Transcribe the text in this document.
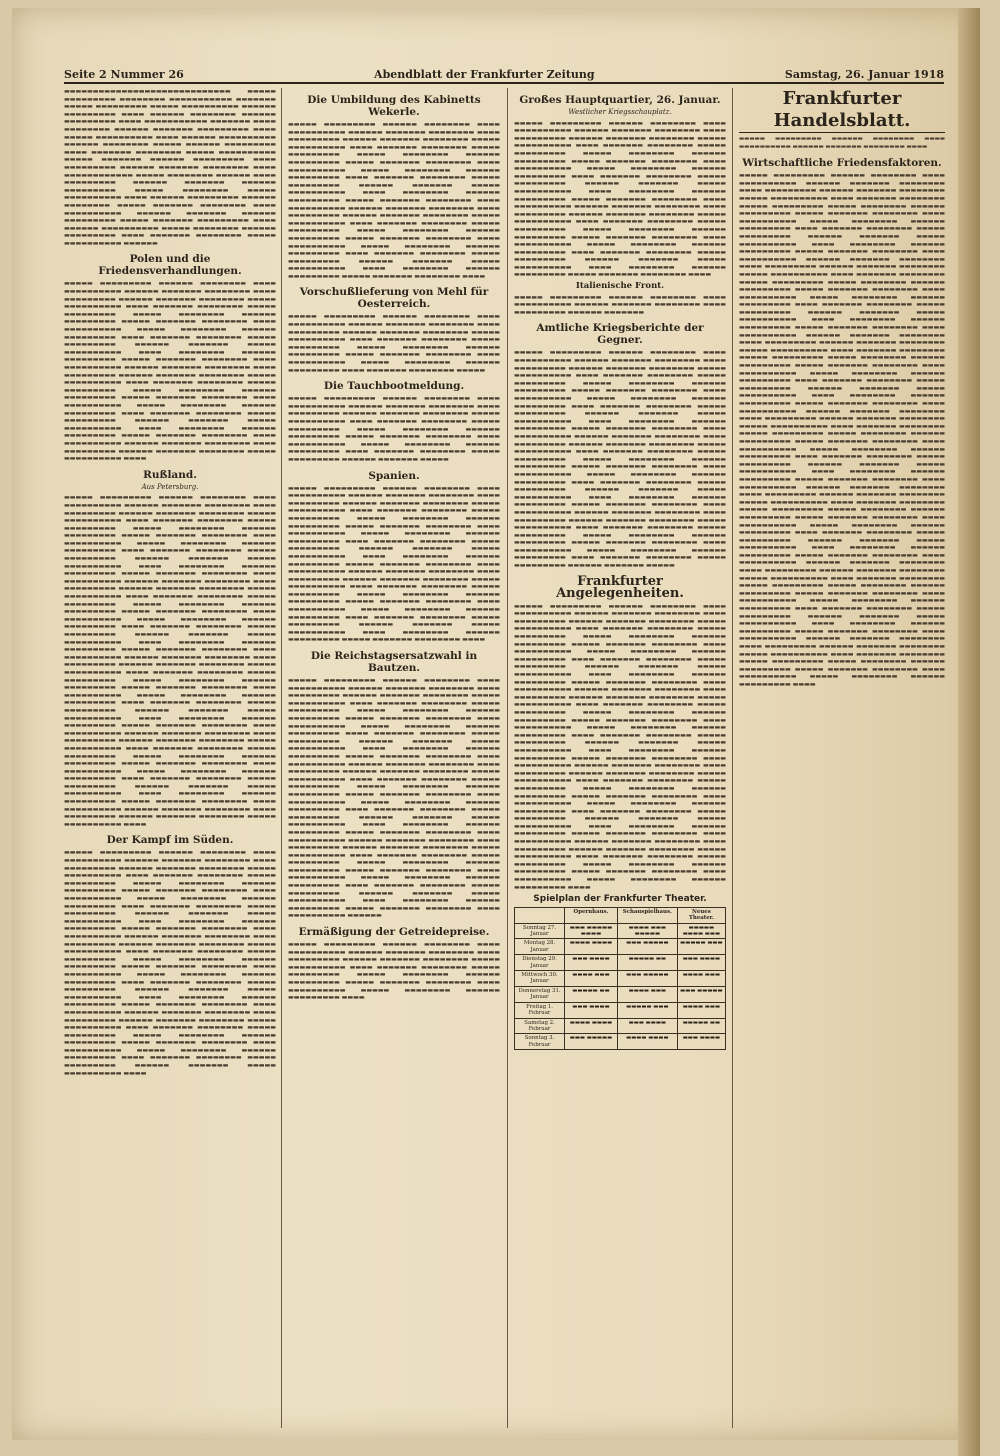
Seite 2 Nummer 26	Abendblatt der Frankfurter Zeitung	Samstag, 26. Januar 1918
▬▬▬▬▬▬▬▬▬▬▬▬▬▬▬▬▬▬▬▬▬▬▬▬▬▬▬▬▬ ▬▬▬▬▬ ▬▬▬▬▬▬▬▬▬ ▬▬▬▬▬▬▬▬ ▬▬▬▬▬▬▬▬▬▬▬ ▬▬▬▬▬▬▬ ▬▬▬▬▬ ▬▬▬▬▬▬▬▬▬ ▬▬▬▬▬ ▬▬▬▬▬▬▬▬▬▬ ▬▬▬▬▬▬ ▬▬▬▬▬▬▬▬▬ ▬▬▬▬ ▬▬▬▬▬▬ ▬▬▬▬▬▬▬▬ ▬▬▬▬▬▬ ▬▬▬▬▬▬▬▬▬ ▬▬▬▬ ▬▬▬▬▬▬▬▬▬▬▬ ▬▬▬▬▬▬▬ ▬▬▬▬ ▬▬▬▬▬▬▬▬ ▬▬▬▬▬▬ ▬▬▬▬▬▬▬ ▬▬▬▬▬▬▬▬▬ ▬▬▬▬ ▬▬▬▬▬ ▬▬▬▬▬▬▬▬▬▬ ▬▬▬▬ ▬▬▬▬▬▬ ▬▬▬▬▬▬▬▬▬▬ ▬▬▬▬▬▬ ▬▬▬▬▬▬▬▬ ▬▬▬▬▬ ▬▬▬▬▬▬ ▬▬▬▬▬▬▬▬▬ ▬▬▬▬ ▬▬▬▬▬▬▬ ▬▬▬▬▬▬▬▬ ▬▬▬▬▬ ▬▬▬▬▬▬▬▬▬▬ ▬▬▬▬▬ ▬▬▬▬▬▬▬ ▬▬▬▬▬▬ ▬▬▬▬▬▬▬▬▬ ▬▬▬▬ ▬▬▬▬▬▬▬▬▬ ▬▬▬▬▬▬ ▬▬▬▬▬▬▬ ▬▬▬▬▬▬▬▬ ▬▬▬▬ ▬▬▬▬▬▬▬▬▬▬▬▬ ▬▬▬▬▬ ▬▬▬▬▬▬▬▬ ▬▬▬▬▬▬ ▬▬▬▬ ▬▬▬▬▬▬▬▬▬ ▬▬▬▬▬▬ ▬▬▬▬▬▬▬ ▬▬▬▬▬▬ ▬▬▬▬▬▬▬▬▬ ▬▬▬▬▬ ▬▬▬▬▬▬▬▬ ▬▬▬▬▬ ▬▬▬▬▬▬▬▬▬▬ ▬▬▬▬ ▬▬▬▬▬▬ ▬▬▬▬▬▬▬▬▬ ▬▬▬▬▬▬ ▬▬▬▬▬▬▬▬ ▬▬▬▬▬ ▬▬▬▬▬▬▬ ▬▬▬▬▬▬▬▬ ▬▬▬▬ ▬▬▬▬▬▬▬▬▬▬ ▬▬▬▬▬▬ ▬▬▬▬▬▬▬ ▬▬▬▬▬▬ ▬▬▬▬▬▬▬▬▬ ▬▬▬▬▬ ▬▬▬▬▬▬▬ ▬▬▬▬▬▬▬▬▬ ▬▬▬▬ ▬▬▬▬▬▬ ▬▬▬▬▬▬▬▬▬▬ ▬▬▬▬▬ ▬▬▬▬▬▬▬▬ ▬▬▬▬▬▬ ▬▬▬▬▬▬▬▬▬ ▬▬▬▬ ▬▬▬▬▬▬▬ ▬▬▬▬▬▬▬▬ ▬▬▬▬▬ ▬▬▬▬▬▬▬▬▬▬ ▬▬▬▬▬▬
Polen und die Friedensverhandlungen.
▬▬▬▬▬ ▬▬▬▬▬▬▬▬▬ ▬▬▬▬▬▬ ▬▬▬▬▬▬▬▬ ▬▬▬▬ ▬▬▬▬▬▬▬▬▬▬ ▬▬▬▬▬▬ ▬▬▬▬▬▬▬ ▬▬▬▬▬▬▬▬ ▬▬▬▬ ▬▬▬▬▬▬▬▬▬ ▬▬▬▬▬▬ ▬▬▬▬▬▬▬ ▬▬▬▬▬▬▬▬ ▬▬▬▬▬ ▬▬▬▬▬▬▬▬▬▬ ▬▬▬▬ ▬▬▬▬▬▬▬ ▬▬▬▬▬▬▬▬ ▬▬▬▬▬ ▬▬▬▬▬▬▬▬▬ ▬▬▬▬▬ ▬▬▬▬▬▬▬▬ ▬▬▬▬▬▬ ▬▬▬▬▬▬▬▬▬ ▬▬▬▬▬ ▬▬▬▬▬▬▬ ▬▬▬▬▬▬▬▬ ▬▬▬▬ ▬▬▬▬▬▬▬▬▬▬ ▬▬▬▬▬ ▬▬▬▬▬▬▬▬ ▬▬▬▬▬▬ ▬▬▬▬▬▬▬▬▬ ▬▬▬▬ ▬▬▬▬▬▬▬ ▬▬▬▬▬▬▬▬ ▬▬▬▬▬ ▬▬▬▬▬▬▬▬▬ ▬▬▬▬▬▬ ▬▬▬▬▬▬▬ ▬▬▬▬▬ ▬▬▬▬▬▬▬▬▬▬ ▬▬▬▬ ▬▬▬▬▬▬▬▬ ▬▬▬▬▬▬ ▬▬▬▬▬▬▬▬▬ ▬▬▬▬▬ ▬▬▬▬▬▬▬ ▬▬▬▬▬▬▬▬ ▬▬▬▬ ▬▬▬▬▬▬▬▬▬▬ ▬▬▬▬▬▬ ▬▬▬▬▬▬▬ ▬▬▬▬▬▬▬▬ ▬▬▬▬ ▬▬▬▬▬▬▬▬▬ ▬▬▬▬▬▬ ▬▬▬▬▬▬▬ ▬▬▬▬▬▬▬▬ ▬▬▬▬▬ ▬▬▬▬▬▬▬▬▬▬ ▬▬▬▬ ▬▬▬▬▬▬▬ ▬▬▬▬▬▬▬▬ ▬▬▬▬▬ ▬▬▬▬▬▬▬▬▬ ▬▬▬▬▬ ▬▬▬▬▬▬▬▬ ▬▬▬▬▬▬ ▬▬▬▬▬▬▬▬▬ ▬▬▬▬▬ ▬▬▬▬▬▬▬ ▬▬▬▬▬▬▬▬ ▬▬▬▬ ▬▬▬▬▬▬▬▬▬▬ ▬▬▬▬▬ ▬▬▬▬▬▬▬▬ ▬▬▬▬▬▬ ▬▬▬▬▬▬▬▬▬ ▬▬▬▬ ▬▬▬▬▬▬▬ ▬▬▬▬▬▬▬▬ ▬▬▬▬▬ ▬▬▬▬▬▬▬▬▬ ▬▬▬▬▬▬ ▬▬▬▬▬▬▬ ▬▬▬▬▬ ▬▬▬▬▬▬▬▬▬▬ ▬▬▬▬ ▬▬▬▬▬▬▬▬ ▬▬▬▬▬▬ ▬▬▬▬▬▬▬▬▬ ▬▬▬▬▬ ▬▬▬▬▬▬▬ ▬▬▬▬▬▬▬▬ ▬▬▬▬ ▬▬▬▬▬▬▬▬▬▬ ▬▬▬▬▬▬ ▬▬▬▬▬▬▬ ▬▬▬▬▬▬▬▬ ▬▬▬▬ ▬▬▬▬▬▬▬▬▬ ▬▬▬▬▬▬ ▬▬▬▬▬▬▬ ▬▬▬▬▬▬▬▬ ▬▬▬▬▬ ▬▬▬▬▬▬▬▬▬▬ ▬▬▬▬
Rußland.
Aus Petersburg.
▬▬▬▬▬ ▬▬▬▬▬▬▬▬▬ ▬▬▬▬▬▬ ▬▬▬▬▬▬▬▬ ▬▬▬▬ ▬▬▬▬▬▬▬▬▬▬ ▬▬▬▬▬▬ ▬▬▬▬▬▬▬ ▬▬▬▬▬▬▬▬ ▬▬▬▬ ▬▬▬▬▬▬▬▬▬ ▬▬▬▬▬▬ ▬▬▬▬▬▬▬ ▬▬▬▬▬▬▬▬ ▬▬▬▬▬ ▬▬▬▬▬▬▬▬▬▬ ▬▬▬▬ ▬▬▬▬▬▬▬ ▬▬▬▬▬▬▬▬ ▬▬▬▬▬ ▬▬▬▬▬▬▬▬▬ ▬▬▬▬▬ ▬▬▬▬▬▬▬▬ ▬▬▬▬▬▬ ▬▬▬▬▬▬▬▬▬ ▬▬▬▬▬ ▬▬▬▬▬▬▬ ▬▬▬▬▬▬▬▬ ▬▬▬▬ ▬▬▬▬▬▬▬▬▬▬ ▬▬▬▬▬ ▬▬▬▬▬▬▬▬ ▬▬▬▬▬▬ ▬▬▬▬▬▬▬▬▬ ▬▬▬▬ ▬▬▬▬▬▬▬ ▬▬▬▬▬▬▬▬ ▬▬▬▬▬ ▬▬▬▬▬▬▬▬▬ ▬▬▬▬▬▬ ▬▬▬▬▬▬▬ ▬▬▬▬▬ ▬▬▬▬▬▬▬▬▬▬ ▬▬▬▬ ▬▬▬▬▬▬▬▬ ▬▬▬▬▬▬ ▬▬▬▬▬▬▬▬▬ ▬▬▬▬▬ ▬▬▬▬▬▬▬ ▬▬▬▬▬▬▬▬ ▬▬▬▬ ▬▬▬▬▬▬▬▬▬▬ ▬▬▬▬▬▬ ▬▬▬▬▬▬▬ ▬▬▬▬▬▬▬▬ ▬▬▬▬ ▬▬▬▬▬▬▬▬▬ ▬▬▬▬▬▬ ▬▬▬▬▬▬▬ ▬▬▬▬▬▬▬▬ ▬▬▬▬▬ ▬▬▬▬▬▬▬▬▬▬ ▬▬▬▬ ▬▬▬▬▬▬▬ ▬▬▬▬▬▬▬▬ ▬▬▬▬▬ ▬▬▬▬▬▬▬▬▬ ▬▬▬▬▬ ▬▬▬▬▬▬▬▬ ▬▬▬▬▬▬ ▬▬▬▬▬▬▬▬▬ ▬▬▬▬▬ ▬▬▬▬▬▬▬ ▬▬▬▬▬▬▬▬ ▬▬▬▬ ▬▬▬▬▬▬▬▬▬▬ ▬▬▬▬▬ ▬▬▬▬▬▬▬▬ ▬▬▬▬▬▬ ▬▬▬▬▬▬▬▬▬ ▬▬▬▬ ▬▬▬▬▬▬▬ ▬▬▬▬▬▬▬▬ ▬▬▬▬▬ ▬▬▬▬▬▬▬▬▬ ▬▬▬▬▬▬ ▬▬▬▬▬▬▬ ▬▬▬▬▬ ▬▬▬▬▬▬▬▬▬▬ ▬▬▬▬ ▬▬▬▬▬▬▬▬ ▬▬▬▬▬▬ ▬▬▬▬▬▬▬▬▬ ▬▬▬▬▬ ▬▬▬▬▬▬▬ ▬▬▬▬▬▬▬▬ ▬▬▬▬ ▬▬▬▬▬▬▬▬▬▬ ▬▬▬▬▬▬ ▬▬▬▬▬▬▬ ▬▬▬▬▬▬▬▬ ▬▬▬▬ ▬▬▬▬▬▬▬▬▬ ▬▬▬▬▬▬ ▬▬▬▬▬▬▬ ▬▬▬▬▬▬▬▬ ▬▬▬▬▬ ▬▬▬▬▬▬▬▬▬▬ ▬▬▬▬ ▬▬▬▬▬▬▬ ▬▬▬▬▬▬▬▬ ▬▬▬▬▬ ▬▬▬▬▬▬▬▬▬ ▬▬▬▬▬ ▬▬▬▬▬▬▬▬ ▬▬▬▬▬▬ ▬▬▬▬▬▬▬▬▬ ▬▬▬▬▬ ▬▬▬▬▬▬▬ ▬▬▬▬▬▬▬▬ ▬▬▬▬ ▬▬▬▬▬▬▬▬▬▬ ▬▬▬▬▬ ▬▬▬▬▬▬▬▬ ▬▬▬▬▬▬ ▬▬▬▬▬▬▬▬▬ ▬▬▬▬ ▬▬▬▬▬▬▬ ▬▬▬▬▬▬▬▬ ▬▬▬▬▬ ▬▬▬▬▬▬▬▬▬ ▬▬▬▬▬▬ ▬▬▬▬▬▬▬ ▬▬▬▬▬ ▬▬▬▬▬▬▬▬▬▬ ▬▬▬▬ ▬▬▬▬▬▬▬▬ ▬▬▬▬▬▬ ▬▬▬▬▬▬▬▬▬ ▬▬▬▬▬ ▬▬▬▬▬▬▬ ▬▬▬▬▬▬▬▬ ▬▬▬▬ ▬▬▬▬▬▬▬▬▬▬ ▬▬▬▬▬▬ ▬▬▬▬▬▬▬ ▬▬▬▬▬▬▬▬ ▬▬▬▬ ▬▬▬▬▬▬▬▬▬ ▬▬▬▬▬▬ ▬▬▬▬▬▬▬ ▬▬▬▬▬▬▬▬ ▬▬▬▬▬ ▬▬▬▬▬▬▬▬▬▬ ▬▬▬▬ ▬▬▬▬▬▬▬ ▬▬▬▬▬▬▬▬ ▬▬▬▬▬ ▬▬▬▬▬▬▬▬▬ ▬▬▬▬▬ ▬▬▬▬▬▬▬▬ ▬▬▬▬▬▬ ▬▬▬▬▬▬▬▬▬ ▬▬▬▬▬ ▬▬▬▬▬▬▬ ▬▬▬▬▬▬▬▬ ▬▬▬▬ ▬▬▬▬▬▬▬▬▬▬ ▬▬▬▬▬ ▬▬▬▬▬▬▬▬ ▬▬▬▬▬▬ ▬▬▬▬▬▬▬▬▬ ▬▬▬▬ ▬▬▬▬▬▬▬ ▬▬▬▬▬▬▬▬ ▬▬▬▬▬ ▬▬▬▬▬▬▬▬▬ ▬▬▬▬▬▬ ▬▬▬▬▬▬▬ ▬▬▬▬▬ ▬▬▬▬▬▬▬▬▬▬ ▬▬▬▬ ▬▬▬▬▬▬▬▬ ▬▬▬▬▬▬ ▬▬▬▬▬▬▬▬▬ ▬▬▬▬▬ ▬▬▬▬▬▬▬ ▬▬▬▬▬▬▬▬ ▬▬▬▬ ▬▬▬▬▬▬▬▬▬▬ ▬▬▬▬▬▬ ▬▬▬▬▬▬▬ ▬▬▬▬▬▬▬▬ ▬▬▬▬ ▬▬▬▬▬▬▬▬▬ ▬▬▬▬▬▬ ▬▬▬▬▬▬▬ ▬▬▬▬▬▬▬▬ ▬▬▬▬▬ ▬▬▬▬▬▬▬▬▬▬ ▬▬▬▬
Der Kampf im Süden.
▬▬▬▬▬ ▬▬▬▬▬▬▬▬▬ ▬▬▬▬▬▬ ▬▬▬▬▬▬▬▬ ▬▬▬▬ ▬▬▬▬▬▬▬▬▬▬ ▬▬▬▬▬▬ ▬▬▬▬▬▬▬ ▬▬▬▬▬▬▬▬ ▬▬▬▬ ▬▬▬▬▬▬▬▬▬ ▬▬▬▬▬▬ ▬▬▬▬▬▬▬ ▬▬▬▬▬▬▬▬ ▬▬▬▬▬ ▬▬▬▬▬▬▬▬▬▬ ▬▬▬▬ ▬▬▬▬▬▬▬ ▬▬▬▬▬▬▬▬ ▬▬▬▬▬ ▬▬▬▬▬▬▬▬▬ ▬▬▬▬▬ ▬▬▬▬▬▬▬▬ ▬▬▬▬▬▬ ▬▬▬▬▬▬▬▬▬ ▬▬▬▬▬ ▬▬▬▬▬▬▬ ▬▬▬▬▬▬▬▬ ▬▬▬▬ ▬▬▬▬▬▬▬▬▬▬ ▬▬▬▬▬ ▬▬▬▬▬▬▬▬ ▬▬▬▬▬▬ ▬▬▬▬▬▬▬▬▬ ▬▬▬▬ ▬▬▬▬▬▬▬ ▬▬▬▬▬▬▬▬ ▬▬▬▬▬ ▬▬▬▬▬▬▬▬▬ ▬▬▬▬▬▬ ▬▬▬▬▬▬▬ ▬▬▬▬▬ ▬▬▬▬▬▬▬▬▬▬ ▬▬▬▬ ▬▬▬▬▬▬▬▬ ▬▬▬▬▬▬ ▬▬▬▬▬▬▬▬▬ ▬▬▬▬▬ ▬▬▬▬▬▬▬ ▬▬▬▬▬▬▬▬ ▬▬▬▬ ▬▬▬▬▬▬▬▬▬▬ ▬▬▬▬▬▬ ▬▬▬▬▬▬▬ ▬▬▬▬▬▬▬▬ ▬▬▬▬ ▬▬▬▬▬▬▬▬▬ ▬▬▬▬▬▬ ▬▬▬▬▬▬▬ ▬▬▬▬▬▬▬▬ ▬▬▬▬▬ ▬▬▬▬▬▬▬▬▬▬ ▬▬▬▬ ▬▬▬▬▬▬▬ ▬▬▬▬▬▬▬▬ ▬▬▬▬▬ ▬▬▬▬▬▬▬▬▬ ▬▬▬▬▬ ▬▬▬▬▬▬▬▬ ▬▬▬▬▬▬ ▬▬▬▬▬▬▬▬▬ ▬▬▬▬▬ ▬▬▬▬▬▬▬ ▬▬▬▬▬▬▬▬ ▬▬▬▬ ▬▬▬▬▬▬▬▬▬▬ ▬▬▬▬▬ ▬▬▬▬▬▬▬▬ ▬▬▬▬▬▬ ▬▬▬▬▬▬▬▬▬ ▬▬▬▬ ▬▬▬▬▬▬▬ ▬▬▬▬▬▬▬▬ ▬▬▬▬▬ ▬▬▬▬▬▬▬▬▬ ▬▬▬▬▬▬ ▬▬▬▬▬▬▬ ▬▬▬▬▬ ▬▬▬▬▬▬▬▬▬▬ ▬▬▬▬ ▬▬▬▬▬▬▬▬ ▬▬▬▬▬▬ ▬▬▬▬▬▬▬▬▬ ▬▬▬▬▬ ▬▬▬▬▬▬▬ ▬▬▬▬▬▬▬▬ ▬▬▬▬ ▬▬▬▬▬▬▬▬▬▬ ▬▬▬▬▬▬ ▬▬▬▬▬▬▬ ▬▬▬▬▬▬▬▬ ▬▬▬▬ ▬▬▬▬▬▬▬▬▬ ▬▬▬▬▬▬ ▬▬▬▬▬▬▬ ▬▬▬▬▬▬▬▬ ▬▬▬▬▬ ▬▬▬▬▬▬▬▬▬▬ ▬▬▬▬ ▬▬▬▬▬▬▬ ▬▬▬▬▬▬▬▬ ▬▬▬▬▬ ▬▬▬▬▬▬▬▬▬ ▬▬▬▬▬ ▬▬▬▬▬▬▬▬ ▬▬▬▬▬▬ ▬▬▬▬▬▬▬▬▬ ▬▬▬▬▬ ▬▬▬▬▬▬▬ ▬▬▬▬▬▬▬▬ ▬▬▬▬ ▬▬▬▬▬▬▬▬▬▬ ▬▬▬▬▬ ▬▬▬▬▬▬▬▬ ▬▬▬▬▬▬ ▬▬▬▬▬▬▬▬▬ ▬▬▬▬ ▬▬▬▬▬▬▬ ▬▬▬▬▬▬▬▬ ▬▬▬▬▬ ▬▬▬▬▬▬▬▬▬ ▬▬▬▬▬▬ ▬▬▬▬▬▬▬ ▬▬▬▬▬ ▬▬▬▬▬▬▬▬▬▬ ▬▬▬▬
Die Umbildung des Kabinetts Wekerle.
▬▬▬▬▬ ▬▬▬▬▬▬▬▬▬ ▬▬▬▬▬▬ ▬▬▬▬▬▬▬▬ ▬▬▬▬ ▬▬▬▬▬▬▬▬▬▬ ▬▬▬▬▬▬ ▬▬▬▬▬▬▬ ▬▬▬▬▬▬▬▬ ▬▬▬▬ ▬▬▬▬▬▬▬▬▬ ▬▬▬▬▬▬ ▬▬▬▬▬▬▬ ▬▬▬▬▬▬▬▬ ▬▬▬▬▬ ▬▬▬▬▬▬▬▬▬▬ ▬▬▬▬ ▬▬▬▬▬▬▬ ▬▬▬▬▬▬▬▬ ▬▬▬▬▬ ▬▬▬▬▬▬▬▬▬ ▬▬▬▬▬ ▬▬▬▬▬▬▬▬ ▬▬▬▬▬▬ ▬▬▬▬▬▬▬▬▬ ▬▬▬▬▬ ▬▬▬▬▬▬▬ ▬▬▬▬▬▬▬▬ ▬▬▬▬ ▬▬▬▬▬▬▬▬▬▬ ▬▬▬▬▬ ▬▬▬▬▬▬▬▬ ▬▬▬▬▬▬ ▬▬▬▬▬▬▬▬▬ ▬▬▬▬ ▬▬▬▬▬▬▬ ▬▬▬▬▬▬▬▬ ▬▬▬▬▬ ▬▬▬▬▬▬▬▬▬ ▬▬▬▬▬▬ ▬▬▬▬▬▬▬ ▬▬▬▬▬ ▬▬▬▬▬▬▬▬▬▬ ▬▬▬▬ ▬▬▬▬▬▬▬▬ ▬▬▬▬▬▬ ▬▬▬▬▬▬▬▬▬ ▬▬▬▬▬ ▬▬▬▬▬▬▬ ▬▬▬▬▬▬▬▬ ▬▬▬▬ ▬▬▬▬▬▬▬▬▬▬ ▬▬▬▬▬▬ ▬▬▬▬▬▬▬ ▬▬▬▬▬▬▬▬ ▬▬▬▬ ▬▬▬▬▬▬▬▬▬ ▬▬▬▬▬▬ ▬▬▬▬▬▬▬ ▬▬▬▬▬▬▬▬ ▬▬▬▬▬ ▬▬▬▬▬▬▬▬▬▬ ▬▬▬▬ ▬▬▬▬▬▬▬ ▬▬▬▬▬▬▬▬ ▬▬▬▬▬ ▬▬▬▬▬▬▬▬▬ ▬▬▬▬▬ ▬▬▬▬▬▬▬▬ ▬▬▬▬▬▬ ▬▬▬▬▬▬▬▬▬ ▬▬▬▬▬ ▬▬▬▬▬▬▬ ▬▬▬▬▬▬▬▬ ▬▬▬▬ ▬▬▬▬▬▬▬▬▬▬ ▬▬▬▬▬ ▬▬▬▬▬▬▬▬ ▬▬▬▬▬▬ ▬▬▬▬▬▬▬▬▬ ▬▬▬▬ ▬▬▬▬▬▬▬ ▬▬▬▬▬▬▬▬ ▬▬▬▬▬ ▬▬▬▬▬▬▬▬▬ ▬▬▬▬▬▬ ▬▬▬▬▬▬▬ ▬▬▬▬▬ ▬▬▬▬▬▬▬▬▬▬ ▬▬▬▬ ▬▬▬▬▬▬▬▬ ▬▬▬▬▬▬ ▬▬▬▬▬▬▬▬▬ ▬▬▬▬▬ ▬▬▬▬▬▬▬ ▬▬▬▬▬▬▬▬ ▬▬▬▬
Vorschußlieferung von Mehl für Oesterreich.
▬▬▬▬▬ ▬▬▬▬▬▬▬▬▬ ▬▬▬▬▬▬ ▬▬▬▬▬▬▬▬ ▬▬▬▬ ▬▬▬▬▬▬▬▬▬▬ ▬▬▬▬▬▬ ▬▬▬▬▬▬▬ ▬▬▬▬▬▬▬▬ ▬▬▬▬ ▬▬▬▬▬▬▬▬▬ ▬▬▬▬▬▬ ▬▬▬▬▬▬▬ ▬▬▬▬▬▬▬▬ ▬▬▬▬▬ ▬▬▬▬▬▬▬▬▬▬ ▬▬▬▬ ▬▬▬▬▬▬▬ ▬▬▬▬▬▬▬▬ ▬▬▬▬▬ ▬▬▬▬▬▬▬▬▬ ▬▬▬▬▬ ▬▬▬▬▬▬▬▬ ▬▬▬▬▬▬ ▬▬▬▬▬▬▬▬▬ ▬▬▬▬▬ ▬▬▬▬▬▬▬ ▬▬▬▬▬▬▬▬ ▬▬▬▬ ▬▬▬▬▬▬▬▬▬▬ ▬▬▬▬▬ ▬▬▬▬▬▬▬▬ ▬▬▬▬▬▬ ▬▬▬▬▬▬▬▬▬ ▬▬▬▬ ▬▬▬▬▬▬▬ ▬▬▬▬▬▬▬▬ ▬▬▬▬▬
Die Tauchbootmeldung.
▬▬▬▬▬ ▬▬▬▬▬▬▬▬▬ ▬▬▬▬▬▬ ▬▬▬▬▬▬▬▬ ▬▬▬▬ ▬▬▬▬▬▬▬▬▬▬ ▬▬▬▬▬▬ ▬▬▬▬▬▬▬ ▬▬▬▬▬▬▬▬ ▬▬▬▬ ▬▬▬▬▬▬▬▬▬ ▬▬▬▬▬▬ ▬▬▬▬▬▬▬ ▬▬▬▬▬▬▬▬ ▬▬▬▬▬ ▬▬▬▬▬▬▬▬▬▬ ▬▬▬▬ ▬▬▬▬▬▬▬ ▬▬▬▬▬▬▬▬ ▬▬▬▬▬ ▬▬▬▬▬▬▬▬▬ ▬▬▬▬▬ ▬▬▬▬▬▬▬▬ ▬▬▬▬▬▬ ▬▬▬▬▬▬▬▬▬ ▬▬▬▬▬ ▬▬▬▬▬▬▬ ▬▬▬▬▬▬▬▬ ▬▬▬▬ ▬▬▬▬▬▬▬▬▬▬ ▬▬▬▬▬ ▬▬▬▬▬▬▬▬ ▬▬▬▬▬▬ ▬▬▬▬▬▬▬▬▬ ▬▬▬▬ ▬▬▬▬▬▬▬ ▬▬▬▬▬▬▬▬ ▬▬▬▬▬ ▬▬▬▬▬▬▬▬▬ ▬▬▬▬▬▬ ▬▬▬▬▬▬▬ ▬▬▬▬▬
Spanien.
▬▬▬▬▬ ▬▬▬▬▬▬▬▬▬ ▬▬▬▬▬▬ ▬▬▬▬▬▬▬▬ ▬▬▬▬ ▬▬▬▬▬▬▬▬▬▬ ▬▬▬▬▬▬ ▬▬▬▬▬▬▬ ▬▬▬▬▬▬▬▬ ▬▬▬▬ ▬▬▬▬▬▬▬▬▬ ▬▬▬▬▬▬ ▬▬▬▬▬▬▬ ▬▬▬▬▬▬▬▬ ▬▬▬▬▬ ▬▬▬▬▬▬▬▬▬▬ ▬▬▬▬ ▬▬▬▬▬▬▬ ▬▬▬▬▬▬▬▬ ▬▬▬▬▬ ▬▬▬▬▬▬▬▬▬ ▬▬▬▬▬ ▬▬▬▬▬▬▬▬ ▬▬▬▬▬▬ ▬▬▬▬▬▬▬▬▬ ▬▬▬▬▬ ▬▬▬▬▬▬▬ ▬▬▬▬▬▬▬▬ ▬▬▬▬ ▬▬▬▬▬▬▬▬▬▬ ▬▬▬▬▬ ▬▬▬▬▬▬▬▬ ▬▬▬▬▬▬ ▬▬▬▬▬▬▬▬▬ ▬▬▬▬ ▬▬▬▬▬▬▬ ▬▬▬▬▬▬▬▬ ▬▬▬▬▬ ▬▬▬▬▬▬▬▬▬ ▬▬▬▬▬▬ ▬▬▬▬▬▬▬ ▬▬▬▬▬ ▬▬▬▬▬▬▬▬▬▬ ▬▬▬▬ ▬▬▬▬▬▬▬▬ ▬▬▬▬▬▬ ▬▬▬▬▬▬▬▬▬ ▬▬▬▬▬ ▬▬▬▬▬▬▬ ▬▬▬▬▬▬▬▬ ▬▬▬▬ ▬▬▬▬▬▬▬▬▬▬ ▬▬▬▬▬▬ ▬▬▬▬▬▬▬ ▬▬▬▬▬▬▬▬ ▬▬▬▬ ▬▬▬▬▬▬▬▬▬ ▬▬▬▬▬▬ ▬▬▬▬▬▬▬ ▬▬▬▬▬▬▬▬ ▬▬▬▬▬ ▬▬▬▬▬▬▬▬▬▬ ▬▬▬▬ ▬▬▬▬▬▬▬ ▬▬▬▬▬▬▬▬ ▬▬▬▬▬ ▬▬▬▬▬▬▬▬▬ ▬▬▬▬▬ ▬▬▬▬▬▬▬▬ ▬▬▬▬▬▬ ▬▬▬▬▬▬▬▬▬ ▬▬▬▬▬ ▬▬▬▬▬▬▬ ▬▬▬▬▬▬▬▬ ▬▬▬▬ ▬▬▬▬▬▬▬▬▬▬ ▬▬▬▬▬ ▬▬▬▬▬▬▬▬ ▬▬▬▬▬▬ ▬▬▬▬▬▬▬▬▬ ▬▬▬▬ ▬▬▬▬▬▬▬ ▬▬▬▬▬▬▬▬ ▬▬▬▬▬ ▬▬▬▬▬▬▬▬▬ ▬▬▬▬▬▬ ▬▬▬▬▬▬▬ ▬▬▬▬▬ ▬▬▬▬▬▬▬▬▬▬ ▬▬▬▬ ▬▬▬▬▬▬▬▬ ▬▬▬▬▬▬ ▬▬▬▬▬▬▬▬▬ ▬▬▬▬▬ ▬▬▬▬▬▬▬ ▬▬▬▬▬▬▬▬ ▬▬▬▬
Die Reichstagsersatzwahl in Bautzen.
▬▬▬▬▬ ▬▬▬▬▬▬▬▬▬ ▬▬▬▬▬▬ ▬▬▬▬▬▬▬▬ ▬▬▬▬ ▬▬▬▬▬▬▬▬▬▬ ▬▬▬▬▬▬ ▬▬▬▬▬▬▬ ▬▬▬▬▬▬▬▬ ▬▬▬▬ ▬▬▬▬▬▬▬▬▬ ▬▬▬▬▬▬ ▬▬▬▬▬▬▬ ▬▬▬▬▬▬▬▬ ▬▬▬▬▬ ▬▬▬▬▬▬▬▬▬▬ ▬▬▬▬ ▬▬▬▬▬▬▬ ▬▬▬▬▬▬▬▬ ▬▬▬▬▬ ▬▬▬▬▬▬▬▬▬ ▬▬▬▬▬ ▬▬▬▬▬▬▬▬ ▬▬▬▬▬▬ ▬▬▬▬▬▬▬▬▬ ▬▬▬▬▬ ▬▬▬▬▬▬▬ ▬▬▬▬▬▬▬▬ ▬▬▬▬ ▬▬▬▬▬▬▬▬▬▬ ▬▬▬▬▬ ▬▬▬▬▬▬▬▬ ▬▬▬▬▬▬ ▬▬▬▬▬▬▬▬▬ ▬▬▬▬ ▬▬▬▬▬▬▬ ▬▬▬▬▬▬▬▬ ▬▬▬▬▬ ▬▬▬▬▬▬▬▬▬ ▬▬▬▬▬▬ ▬▬▬▬▬▬▬ ▬▬▬▬▬ ▬▬▬▬▬▬▬▬▬▬ ▬▬▬▬ ▬▬▬▬▬▬▬▬ ▬▬▬▬▬▬ ▬▬▬▬▬▬▬▬▬ ▬▬▬▬▬ ▬▬▬▬▬▬▬ ▬▬▬▬▬▬▬▬ ▬▬▬▬ ▬▬▬▬▬▬▬▬▬▬ ▬▬▬▬▬▬ ▬▬▬▬▬▬▬ ▬▬▬▬▬▬▬▬ ▬▬▬▬ ▬▬▬▬▬▬▬▬▬ ▬▬▬▬▬▬ ▬▬▬▬▬▬▬ ▬▬▬▬▬▬▬▬ ▬▬▬▬▬ ▬▬▬▬▬▬▬▬▬▬ ▬▬▬▬ ▬▬▬▬▬▬▬ ▬▬▬▬▬▬▬▬ ▬▬▬▬▬ ▬▬▬▬▬▬▬▬▬ ▬▬▬▬▬ ▬▬▬▬▬▬▬▬ ▬▬▬▬▬▬ ▬▬▬▬▬▬▬▬▬ ▬▬▬▬▬ ▬▬▬▬▬▬▬ ▬▬▬▬▬▬▬▬ ▬▬▬▬ ▬▬▬▬▬▬▬▬▬▬ ▬▬▬▬▬ ▬▬▬▬▬▬▬▬ ▬▬▬▬▬▬ ▬▬▬▬▬▬▬▬▬ ▬▬▬▬ ▬▬▬▬▬▬▬ ▬▬▬▬▬▬▬▬ ▬▬▬▬▬ ▬▬▬▬▬▬▬▬▬ ▬▬▬▬▬▬ ▬▬▬▬▬▬▬ ▬▬▬▬▬ ▬▬▬▬▬▬▬▬▬▬ ▬▬▬▬ ▬▬▬▬▬▬▬▬ ▬▬▬▬▬▬ ▬▬▬▬▬▬▬▬▬ ▬▬▬▬▬ ▬▬▬▬▬▬▬ ▬▬▬▬▬▬▬▬ ▬▬▬▬ ▬▬▬▬▬▬▬▬▬▬ ▬▬▬▬▬▬ ▬▬▬▬▬▬▬ ▬▬▬▬▬▬▬▬ ▬▬▬▬ ▬▬▬▬▬▬▬▬▬ ▬▬▬▬▬▬ ▬▬▬▬▬▬▬ ▬▬▬▬▬▬▬▬ ▬▬▬▬▬ ▬▬▬▬▬▬▬▬▬▬ ▬▬▬▬ ▬▬▬▬▬▬▬ ▬▬▬▬▬▬▬▬ ▬▬▬▬▬ ▬▬▬▬▬▬▬▬▬ ▬▬▬▬▬ ▬▬▬▬▬▬▬▬ ▬▬▬▬▬▬ ▬▬▬▬▬▬▬▬▬ ▬▬▬▬▬ ▬▬▬▬▬▬▬ ▬▬▬▬▬▬▬▬ ▬▬▬▬ ▬▬▬▬▬▬▬▬▬▬ ▬▬▬▬▬ ▬▬▬▬▬▬▬▬ ▬▬▬▬▬▬ ▬▬▬▬▬▬▬▬▬ ▬▬▬▬ ▬▬▬▬▬▬▬ ▬▬▬▬▬▬▬▬ ▬▬▬▬▬ ▬▬▬▬▬▬▬▬▬ ▬▬▬▬▬▬ ▬▬▬▬▬▬▬ ▬▬▬▬▬ ▬▬▬▬▬▬▬▬▬▬ ▬▬▬▬ ▬▬▬▬▬▬▬▬ ▬▬▬▬▬▬ ▬▬▬▬▬▬▬▬▬ ▬▬▬▬▬ ▬▬▬▬▬▬▬ ▬▬▬▬▬▬▬▬ ▬▬▬▬ ▬▬▬▬▬▬▬▬▬▬ ▬▬▬▬▬▬
Ermäßigung der Getreidepreise.
▬▬▬▬▬ ▬▬▬▬▬▬▬▬▬ ▬▬▬▬▬▬ ▬▬▬▬▬▬▬▬ ▬▬▬▬ ▬▬▬▬▬▬▬▬▬▬ ▬▬▬▬▬▬ ▬▬▬▬▬▬▬ ▬▬▬▬▬▬▬▬ ▬▬▬▬ ▬▬▬▬▬▬▬▬▬ ▬▬▬▬▬▬ ▬▬▬▬▬▬▬ ▬▬▬▬▬▬▬▬ ▬▬▬▬▬ ▬▬▬▬▬▬▬▬▬▬ ▬▬▬▬ ▬▬▬▬▬▬▬ ▬▬▬▬▬▬▬▬ ▬▬▬▬▬ ▬▬▬▬▬▬▬▬▬ ▬▬▬▬▬ ▬▬▬▬▬▬▬▬ ▬▬▬▬▬▬ ▬▬▬▬▬▬▬▬▬ ▬▬▬▬▬ ▬▬▬▬▬▬▬ ▬▬▬▬▬▬▬▬ ▬▬▬▬ ▬▬▬▬▬▬▬▬▬▬ ▬▬▬▬▬ ▬▬▬▬▬▬▬▬ ▬▬▬▬▬▬ ▬▬▬▬▬▬▬▬▬ ▬▬▬▬
Großes Hauptquartier, 26. Januar.
Westlicher Kriegsschauplatz.
▬▬▬▬▬ ▬▬▬▬▬▬▬▬▬ ▬▬▬▬▬▬ ▬▬▬▬▬▬▬▬ ▬▬▬▬ ▬▬▬▬▬▬▬▬▬▬ ▬▬▬▬▬▬ ▬▬▬▬▬▬▬ ▬▬▬▬▬▬▬▬ ▬▬▬▬ ▬▬▬▬▬▬▬▬▬ ▬▬▬▬▬▬ ▬▬▬▬▬▬▬ ▬▬▬▬▬▬▬▬ ▬▬▬▬▬ ▬▬▬▬▬▬▬▬▬▬ ▬▬▬▬ ▬▬▬▬▬▬▬ ▬▬▬▬▬▬▬▬ ▬▬▬▬▬ ▬▬▬▬▬▬▬▬▬ ▬▬▬▬▬ ▬▬▬▬▬▬▬▬ ▬▬▬▬▬▬ ▬▬▬▬▬▬▬▬▬ ▬▬▬▬▬ ▬▬▬▬▬▬▬ ▬▬▬▬▬▬▬▬ ▬▬▬▬ ▬▬▬▬▬▬▬▬▬▬ ▬▬▬▬▬ ▬▬▬▬▬▬▬▬ ▬▬▬▬▬▬ ▬▬▬▬▬▬▬▬▬ ▬▬▬▬ ▬▬▬▬▬▬▬ ▬▬▬▬▬▬▬▬ ▬▬▬▬▬ ▬▬▬▬▬▬▬▬▬ ▬▬▬▬▬▬ ▬▬▬▬▬▬▬ ▬▬▬▬▬ ▬▬▬▬▬▬▬▬▬▬ ▬▬▬▬ ▬▬▬▬▬▬▬▬ ▬▬▬▬▬▬ ▬▬▬▬▬▬▬▬▬ ▬▬▬▬▬ ▬▬▬▬▬▬▬ ▬▬▬▬▬▬▬▬ ▬▬▬▬ ▬▬▬▬▬▬▬▬▬▬ ▬▬▬▬▬▬ ▬▬▬▬▬▬▬ ▬▬▬▬▬▬▬▬ ▬▬▬▬ ▬▬▬▬▬▬▬▬▬ ▬▬▬▬▬▬ ▬▬▬▬▬▬▬ ▬▬▬▬▬▬▬▬ ▬▬▬▬▬ ▬▬▬▬▬▬▬▬▬▬ ▬▬▬▬ ▬▬▬▬▬▬▬ ▬▬▬▬▬▬▬▬ ▬▬▬▬▬ ▬▬▬▬▬▬▬▬▬ ▬▬▬▬▬ ▬▬▬▬▬▬▬▬ ▬▬▬▬▬▬ ▬▬▬▬▬▬▬▬▬ ▬▬▬▬▬ ▬▬▬▬▬▬▬ ▬▬▬▬▬▬▬▬ ▬▬▬▬ ▬▬▬▬▬▬▬▬▬▬ ▬▬▬▬▬ ▬▬▬▬▬▬▬▬ ▬▬▬▬▬▬ ▬▬▬▬▬▬▬▬▬ ▬▬▬▬ ▬▬▬▬▬▬▬ ▬▬▬▬▬▬▬▬ ▬▬▬▬▬ ▬▬▬▬▬▬▬▬▬ ▬▬▬▬▬▬ ▬▬▬▬▬▬▬ ▬▬▬▬▬ ▬▬▬▬▬▬▬▬▬▬ ▬▬▬▬ ▬▬▬▬▬▬▬▬ ▬▬▬▬▬▬ ▬▬▬▬▬▬▬▬▬ ▬▬▬▬▬ ▬▬▬▬▬▬▬ ▬▬▬▬▬▬▬▬ ▬▬▬▬
Italienische Front.
▬▬▬▬▬ ▬▬▬▬▬▬▬▬▬ ▬▬▬▬▬▬ ▬▬▬▬▬▬▬▬ ▬▬▬▬ ▬▬▬▬▬▬▬▬▬▬ ▬▬▬▬▬▬ ▬▬▬▬▬▬▬ ▬▬▬▬▬▬▬▬ ▬▬▬▬ ▬▬▬▬▬▬▬▬▬ ▬▬▬▬▬▬ ▬▬▬▬▬▬▬
Amtliche Kriegsberichte der Gegner.
▬▬▬▬▬ ▬▬▬▬▬▬▬▬▬ ▬▬▬▬▬▬ ▬▬▬▬▬▬▬▬ ▬▬▬▬ ▬▬▬▬▬▬▬▬▬▬ ▬▬▬▬▬▬ ▬▬▬▬▬▬▬ ▬▬▬▬▬▬▬▬ ▬▬▬▬ ▬▬▬▬▬▬▬▬▬ ▬▬▬▬▬▬ ▬▬▬▬▬▬▬ ▬▬▬▬▬▬▬▬ ▬▬▬▬▬ ▬▬▬▬▬▬▬▬▬▬ ▬▬▬▬ ▬▬▬▬▬▬▬ ▬▬▬▬▬▬▬▬ ▬▬▬▬▬ ▬▬▬▬▬▬▬▬▬ ▬▬▬▬▬ ▬▬▬▬▬▬▬▬ ▬▬▬▬▬▬ ▬▬▬▬▬▬▬▬▬ ▬▬▬▬▬ ▬▬▬▬▬▬▬ ▬▬▬▬▬▬▬▬ ▬▬▬▬ ▬▬▬▬▬▬▬▬▬▬ ▬▬▬▬▬ ▬▬▬▬▬▬▬▬ ▬▬▬▬▬▬ ▬▬▬▬▬▬▬▬▬ ▬▬▬▬ ▬▬▬▬▬▬▬ ▬▬▬▬▬▬▬▬ ▬▬▬▬▬ ▬▬▬▬▬▬▬▬▬ ▬▬▬▬▬▬ ▬▬▬▬▬▬▬ ▬▬▬▬▬ ▬▬▬▬▬▬▬▬▬▬ ▬▬▬▬ ▬▬▬▬▬▬▬▬ ▬▬▬▬▬▬ ▬▬▬▬▬▬▬▬▬ ▬▬▬▬▬ ▬▬▬▬▬▬▬ ▬▬▬▬▬▬▬▬ ▬▬▬▬ ▬▬▬▬▬▬▬▬▬▬ ▬▬▬▬▬▬ ▬▬▬▬▬▬▬ ▬▬▬▬▬▬▬▬ ▬▬▬▬ ▬▬▬▬▬▬▬▬▬ ▬▬▬▬▬▬ ▬▬▬▬▬▬▬ ▬▬▬▬▬▬▬▬ ▬▬▬▬▬ ▬▬▬▬▬▬▬▬▬▬ ▬▬▬▬ ▬▬▬▬▬▬▬ ▬▬▬▬▬▬▬▬ ▬▬▬▬▬ ▬▬▬▬▬▬▬▬▬ ▬▬▬▬▬ ▬▬▬▬▬▬▬▬ ▬▬▬▬▬▬ ▬▬▬▬▬▬▬▬▬ ▬▬▬▬▬ ▬▬▬▬▬▬▬ ▬▬▬▬▬▬▬▬ ▬▬▬▬ ▬▬▬▬▬▬▬▬▬▬ ▬▬▬▬▬ ▬▬▬▬▬▬▬▬ ▬▬▬▬▬▬ ▬▬▬▬▬▬▬▬▬ ▬▬▬▬ ▬▬▬▬▬▬▬ ▬▬▬▬▬▬▬▬ ▬▬▬▬▬ ▬▬▬▬▬▬▬▬▬ ▬▬▬▬▬▬ ▬▬▬▬▬▬▬ ▬▬▬▬▬ ▬▬▬▬▬▬▬▬▬▬ ▬▬▬▬ ▬▬▬▬▬▬▬▬ ▬▬▬▬▬▬ ▬▬▬▬▬▬▬▬▬ ▬▬▬▬▬ ▬▬▬▬▬▬▬ ▬▬▬▬▬▬▬▬ ▬▬▬▬ ▬▬▬▬▬▬▬▬▬▬ ▬▬▬▬▬▬ ▬▬▬▬▬▬▬ ▬▬▬▬▬▬▬▬ ▬▬▬▬ ▬▬▬▬▬▬▬▬▬ ▬▬▬▬▬▬ ▬▬▬▬▬▬▬ ▬▬▬▬▬▬▬▬ ▬▬▬▬▬ ▬▬▬▬▬▬▬▬▬▬ ▬▬▬▬ ▬▬▬▬▬▬▬ ▬▬▬▬▬▬▬▬ ▬▬▬▬▬ ▬▬▬▬▬▬▬▬▬ ▬▬▬▬▬ ▬▬▬▬▬▬▬▬ ▬▬▬▬▬▬ ▬▬▬▬▬▬▬▬▬ ▬▬▬▬▬ ▬▬▬▬▬▬▬ ▬▬▬▬▬▬▬▬ ▬▬▬▬ ▬▬▬▬▬▬▬▬▬▬ ▬▬▬▬▬ ▬▬▬▬▬▬▬▬ ▬▬▬▬▬▬ ▬▬▬▬▬▬▬▬▬ ▬▬▬▬ ▬▬▬▬▬▬▬ ▬▬▬▬▬▬▬▬ ▬▬▬▬▬ ▬▬▬▬▬▬▬▬▬ ▬▬▬▬▬▬ ▬▬▬▬▬▬▬ ▬▬▬▬▬
Frankfurter Angelegenheiten.
▬▬▬▬▬ ▬▬▬▬▬▬▬▬▬ ▬▬▬▬▬▬ ▬▬▬▬▬▬▬▬ ▬▬▬▬ ▬▬▬▬▬▬▬▬▬▬ ▬▬▬▬▬▬ ▬▬▬▬▬▬▬ ▬▬▬▬▬▬▬▬ ▬▬▬▬ ▬▬▬▬▬▬▬▬▬ ▬▬▬▬▬▬ ▬▬▬▬▬▬▬ ▬▬▬▬▬▬▬▬ ▬▬▬▬▬ ▬▬▬▬▬▬▬▬▬▬ ▬▬▬▬ ▬▬▬▬▬▬▬ ▬▬▬▬▬▬▬▬ ▬▬▬▬▬ ▬▬▬▬▬▬▬▬▬ ▬▬▬▬▬ ▬▬▬▬▬▬▬▬ ▬▬▬▬▬▬ ▬▬▬▬▬▬▬▬▬ ▬▬▬▬▬ ▬▬▬▬▬▬▬ ▬▬▬▬▬▬▬▬ ▬▬▬▬ ▬▬▬▬▬▬▬▬▬▬ ▬▬▬▬▬ ▬▬▬▬▬▬▬▬ ▬▬▬▬▬▬ ▬▬▬▬▬▬▬▬▬ ▬▬▬▬ ▬▬▬▬▬▬▬ ▬▬▬▬▬▬▬▬ ▬▬▬▬▬ ▬▬▬▬▬▬▬▬▬ ▬▬▬▬▬▬ ▬▬▬▬▬▬▬ ▬▬▬▬▬ ▬▬▬▬▬▬▬▬▬▬ ▬▬▬▬ ▬▬▬▬▬▬▬▬ ▬▬▬▬▬▬ ▬▬▬▬▬▬▬▬▬ ▬▬▬▬▬ ▬▬▬▬▬▬▬ ▬▬▬▬▬▬▬▬ ▬▬▬▬ ▬▬▬▬▬▬▬▬▬▬ ▬▬▬▬▬▬ ▬▬▬▬▬▬▬ ▬▬▬▬▬▬▬▬ ▬▬▬▬ ▬▬▬▬▬▬▬▬▬ ▬▬▬▬▬▬ ▬▬▬▬▬▬▬ ▬▬▬▬▬▬▬▬ ▬▬▬▬▬ ▬▬▬▬▬▬▬▬▬▬ ▬▬▬▬ ▬▬▬▬▬▬▬ ▬▬▬▬▬▬▬▬ ▬▬▬▬▬ ▬▬▬▬▬▬▬▬▬ ▬▬▬▬▬ ▬▬▬▬▬▬▬▬ ▬▬▬▬▬▬ ▬▬▬▬▬▬▬▬▬ ▬▬▬▬▬ ▬▬▬▬▬▬▬ ▬▬▬▬▬▬▬▬ ▬▬▬▬ ▬▬▬▬▬▬▬▬▬▬ ▬▬▬▬▬ ▬▬▬▬▬▬▬▬ ▬▬▬▬▬▬ ▬▬▬▬▬▬▬▬▬ ▬▬▬▬ ▬▬▬▬▬▬▬ ▬▬▬▬▬▬▬▬ ▬▬▬▬▬ ▬▬▬▬▬▬▬▬▬ ▬▬▬▬▬▬ ▬▬▬▬▬▬▬ ▬▬▬▬▬ ▬▬▬▬▬▬▬▬▬▬ ▬▬▬▬ ▬▬▬▬▬▬▬▬ ▬▬▬▬▬▬ ▬▬▬▬▬▬▬▬▬ ▬▬▬▬▬ ▬▬▬▬▬▬▬ ▬▬▬▬▬▬▬▬ ▬▬▬▬ ▬▬▬▬▬▬▬▬▬▬ ▬▬▬▬▬▬ ▬▬▬▬▬▬▬ ▬▬▬▬▬▬▬▬ ▬▬▬▬ ▬▬▬▬▬▬▬▬▬ ▬▬▬▬▬▬ ▬▬▬▬▬▬▬ ▬▬▬▬▬▬▬▬ ▬▬▬▬▬ ▬▬▬▬▬▬▬▬▬▬ ▬▬▬▬ ▬▬▬▬▬▬▬ ▬▬▬▬▬▬▬▬ ▬▬▬▬▬ ▬▬▬▬▬▬▬▬▬ ▬▬▬▬▬ ▬▬▬▬▬▬▬▬ ▬▬▬▬▬▬ ▬▬▬▬▬▬▬▬▬ ▬▬▬▬▬ ▬▬▬▬▬▬▬ ▬▬▬▬▬▬▬▬ ▬▬▬▬ ▬▬▬▬▬▬▬▬▬▬ ▬▬▬▬▬ ▬▬▬▬▬▬▬▬ ▬▬▬▬▬▬ ▬▬▬▬▬▬▬▬▬ ▬▬▬▬ ▬▬▬▬▬▬▬ ▬▬▬▬▬▬▬▬ ▬▬▬▬▬ ▬▬▬▬▬▬▬▬▬ ▬▬▬▬▬▬ ▬▬▬▬▬▬▬ ▬▬▬▬▬ ▬▬▬▬▬▬▬▬▬▬ ▬▬▬▬ ▬▬▬▬▬▬▬▬ ▬▬▬▬▬▬ ▬▬▬▬▬▬▬▬▬ ▬▬▬▬▬ ▬▬▬▬▬▬▬ ▬▬▬▬▬▬▬▬ ▬▬▬▬ ▬▬▬▬▬▬▬▬▬▬ ▬▬▬▬▬▬ ▬▬▬▬▬▬▬ ▬▬▬▬▬▬▬▬ ▬▬▬▬ ▬▬▬▬▬▬▬▬▬ ▬▬▬▬▬▬ ▬▬▬▬▬▬▬ ▬▬▬▬▬▬▬▬ ▬▬▬▬▬ ▬▬▬▬▬▬▬▬▬▬ ▬▬▬▬ ▬▬▬▬▬▬▬ ▬▬▬▬▬▬▬▬ ▬▬▬▬▬ ▬▬▬▬▬▬▬▬▬ ▬▬▬▬▬ ▬▬▬▬▬▬▬▬ ▬▬▬▬▬▬ ▬▬▬▬▬▬▬▬▬ ▬▬▬▬▬ ▬▬▬▬▬▬▬ ▬▬▬▬▬▬▬▬ ▬▬▬▬ ▬▬▬▬▬▬▬▬▬▬ ▬▬▬▬▬ ▬▬▬▬▬▬▬▬ ▬▬▬▬▬▬ ▬▬▬▬▬▬▬▬▬ ▬▬▬▬
Spielplan der Frankfurter Theater.
	Opernhaus.	Schauspielhaus.	Neues Theater.
Sonntag 27. Januar	▬▬▬ ▬▬▬▬▬ ▬▬▬▬	▬▬▬▬ ▬▬▬ ▬▬▬▬▬	▬▬▬▬▬ ▬▬▬▬ ▬▬▬
Montag 28. Januar	▬▬▬▬ ▬▬▬▬	▬▬▬ ▬▬▬▬▬	▬▬▬▬▬ ▬▬▬
Dienstag 29. Januar	▬▬▬ ▬▬▬▬	▬▬▬▬▬ ▬▬	▬▬▬ ▬▬▬▬
Mittwoch 30. Januar	▬▬▬▬ ▬▬▬	▬▬▬ ▬▬▬▬▬	▬▬▬▬ ▬▬▬
Donnerstag 31. Januar	▬▬▬▬▬ ▬▬	▬▬▬▬ ▬▬▬	▬▬▬ ▬▬▬▬▬
Freitag 1. Februar	▬▬▬ ▬▬▬▬	▬▬▬▬▬ ▬▬▬	▬▬▬▬ ▬▬▬
Samstag 2. Februar	▬▬▬▬ ▬▬▬▬	▬▬▬ ▬▬▬▬	▬▬▬▬▬ ▬▬
Sonntag 3. Februar	▬▬▬ ▬▬▬▬▬	▬▬▬▬ ▬▬▬▬	▬▬▬ ▬▬▬▬
Frankfurter Handelsblatt.
▬▬▬▬▬ ▬▬▬▬▬▬▬▬▬ ▬▬▬▬▬▬ ▬▬▬▬▬▬▬▬ ▬▬▬▬ ▬▬▬▬▬▬▬▬▬▬ ▬▬▬▬▬▬ ▬▬▬▬▬▬▬ ▬▬▬▬▬▬▬▬ ▬▬▬▬
Wirtschaftliche Friedensfaktoren.
▬▬▬▬▬ ▬▬▬▬▬▬▬▬▬ ▬▬▬▬▬▬ ▬▬▬▬▬▬▬▬ ▬▬▬▬ ▬▬▬▬▬▬▬▬▬▬ ▬▬▬▬▬▬ ▬▬▬▬▬▬▬ ▬▬▬▬▬▬▬▬ ▬▬▬▬ ▬▬▬▬▬▬▬▬▬ ▬▬▬▬▬▬ ▬▬▬▬▬▬▬ ▬▬▬▬▬▬▬▬ ▬▬▬▬▬ ▬▬▬▬▬▬▬▬▬▬ ▬▬▬▬ ▬▬▬▬▬▬▬ ▬▬▬▬▬▬▬▬ ▬▬▬▬▬ ▬▬▬▬▬▬▬▬▬ ▬▬▬▬▬ ▬▬▬▬▬▬▬▬ ▬▬▬▬▬▬ ▬▬▬▬▬▬▬▬▬ ▬▬▬▬▬ ▬▬▬▬▬▬▬ ▬▬▬▬▬▬▬▬ ▬▬▬▬ ▬▬▬▬▬▬▬▬▬▬ ▬▬▬▬▬ ▬▬▬▬▬▬▬▬ ▬▬▬▬▬▬ ▬▬▬▬▬▬▬▬▬ ▬▬▬▬ ▬▬▬▬▬▬▬ ▬▬▬▬▬▬▬▬ ▬▬▬▬▬ ▬▬▬▬▬▬▬▬▬ ▬▬▬▬▬▬ ▬▬▬▬▬▬▬ ▬▬▬▬▬ ▬▬▬▬▬▬▬▬▬▬ ▬▬▬▬ ▬▬▬▬▬▬▬▬ ▬▬▬▬▬▬ ▬▬▬▬▬▬▬▬▬ ▬▬▬▬▬ ▬▬▬▬▬▬▬ ▬▬▬▬▬▬▬▬ ▬▬▬▬ ▬▬▬▬▬▬▬▬▬▬ ▬▬▬▬▬▬ ▬▬▬▬▬▬▬ ▬▬▬▬▬▬▬▬ ▬▬▬▬ ▬▬▬▬▬▬▬▬▬ ▬▬▬▬▬▬ ▬▬▬▬▬▬▬ ▬▬▬▬▬▬▬▬ ▬▬▬▬▬ ▬▬▬▬▬▬▬▬▬▬ ▬▬▬▬ ▬▬▬▬▬▬▬ ▬▬▬▬▬▬▬▬ ▬▬▬▬▬ ▬▬▬▬▬▬▬▬▬ ▬▬▬▬▬ ▬▬▬▬▬▬▬▬ ▬▬▬▬▬▬ ▬▬▬▬▬▬▬▬▬ ▬▬▬▬▬ ▬▬▬▬▬▬▬ ▬▬▬▬▬▬▬▬ ▬▬▬▬ ▬▬▬▬▬▬▬▬▬▬ ▬▬▬▬▬ ▬▬▬▬▬▬▬▬ ▬▬▬▬▬▬ ▬▬▬▬▬▬▬▬▬ ▬▬▬▬ ▬▬▬▬▬▬▬ ▬▬▬▬▬▬▬▬ ▬▬▬▬▬ ▬▬▬▬▬▬▬▬▬ ▬▬▬▬▬▬ ▬▬▬▬▬▬▬ ▬▬▬▬▬ ▬▬▬▬▬▬▬▬▬▬ ▬▬▬▬ ▬▬▬▬▬▬▬▬ ▬▬▬▬▬▬ ▬▬▬▬▬▬▬▬▬ ▬▬▬▬▬ ▬▬▬▬▬▬▬ ▬▬▬▬▬▬▬▬ ▬▬▬▬ ▬▬▬▬▬▬▬▬▬▬ ▬▬▬▬▬▬ ▬▬▬▬▬▬▬ ▬▬▬▬▬▬▬▬ ▬▬▬▬ ▬▬▬▬▬▬▬▬▬ ▬▬▬▬▬▬ ▬▬▬▬▬▬▬ ▬▬▬▬▬▬▬▬ ▬▬▬▬▬ ▬▬▬▬▬▬▬▬▬▬ ▬▬▬▬ ▬▬▬▬▬▬▬ ▬▬▬▬▬▬▬▬ ▬▬▬▬▬ ▬▬▬▬▬▬▬▬▬ ▬▬▬▬▬ ▬▬▬▬▬▬▬▬ ▬▬▬▬▬▬ ▬▬▬▬▬▬▬▬▬ ▬▬▬▬▬ ▬▬▬▬▬▬▬ ▬▬▬▬▬▬▬▬ ▬▬▬▬ ▬▬▬▬▬▬▬▬▬▬ ▬▬▬▬▬ ▬▬▬▬▬▬▬▬ ▬▬▬▬▬▬ ▬▬▬▬▬▬▬▬▬ ▬▬▬▬ ▬▬▬▬▬▬▬ ▬▬▬▬▬▬▬▬ ▬▬▬▬▬ ▬▬▬▬▬▬▬▬▬ ▬▬▬▬▬▬ ▬▬▬▬▬▬▬ ▬▬▬▬▬ ▬▬▬▬▬▬▬▬▬▬ ▬▬▬▬ ▬▬▬▬▬▬▬▬ ▬▬▬▬▬▬ ▬▬▬▬▬▬▬▬▬ ▬▬▬▬▬ ▬▬▬▬▬▬▬ ▬▬▬▬▬▬▬▬ ▬▬▬▬ ▬▬▬▬▬▬▬▬▬▬ ▬▬▬▬▬▬ ▬▬▬▬▬▬▬ ▬▬▬▬▬▬▬▬ ▬▬▬▬ ▬▬▬▬▬▬▬▬▬ ▬▬▬▬▬▬ ▬▬▬▬▬▬▬ ▬▬▬▬▬▬▬▬ ▬▬▬▬▬ ▬▬▬▬▬▬▬▬▬▬ ▬▬▬▬ ▬▬▬▬▬▬▬ ▬▬▬▬▬▬▬▬ ▬▬▬▬▬ ▬▬▬▬▬▬▬▬▬ ▬▬▬▬▬ ▬▬▬▬▬▬▬▬ ▬▬▬▬▬▬ ▬▬▬▬▬▬▬▬▬ ▬▬▬▬▬ ▬▬▬▬▬▬▬ ▬▬▬▬▬▬▬▬ ▬▬▬▬ ▬▬▬▬▬▬▬▬▬▬ ▬▬▬▬▬ ▬▬▬▬▬▬▬▬ ▬▬▬▬▬▬ ▬▬▬▬▬▬▬▬▬ ▬▬▬▬ ▬▬▬▬▬▬▬ ▬▬▬▬▬▬▬▬ ▬▬▬▬▬ ▬▬▬▬▬▬▬▬▬ ▬▬▬▬▬▬ ▬▬▬▬▬▬▬ ▬▬▬▬▬ ▬▬▬▬▬▬▬▬▬▬ ▬▬▬▬ ▬▬▬▬▬▬▬▬ ▬▬▬▬▬▬ ▬▬▬▬▬▬▬▬▬ ▬▬▬▬▬ ▬▬▬▬▬▬▬ ▬▬▬▬▬▬▬▬ ▬▬▬▬ ▬▬▬▬▬▬▬▬▬▬ ▬▬▬▬▬▬ ▬▬▬▬▬▬▬ ▬▬▬▬▬▬▬▬ ▬▬▬▬ ▬▬▬▬▬▬▬▬▬ ▬▬▬▬▬▬ ▬▬▬▬▬▬▬ ▬▬▬▬▬▬▬▬ ▬▬▬▬▬ ▬▬▬▬▬▬▬▬▬▬ ▬▬▬▬ ▬▬▬▬▬▬▬ ▬▬▬▬▬▬▬▬ ▬▬▬▬▬ ▬▬▬▬▬▬▬▬▬ ▬▬▬▬▬ ▬▬▬▬▬▬▬▬ ▬▬▬▬▬▬ ▬▬▬▬▬▬▬▬▬ ▬▬▬▬▬ ▬▬▬▬▬▬▬ ▬▬▬▬▬▬▬▬ ▬▬▬▬ ▬▬▬▬▬▬▬▬▬▬ ▬▬▬▬▬ ▬▬▬▬▬▬▬▬ ▬▬▬▬▬▬ ▬▬▬▬▬▬▬▬▬ ▬▬▬▬ ▬▬▬▬▬▬▬ ▬▬▬▬▬▬▬▬ ▬▬▬▬▬ ▬▬▬▬▬▬▬▬▬ ▬▬▬▬▬▬ ▬▬▬▬▬▬▬ ▬▬▬▬▬ ▬▬▬▬▬▬▬▬▬▬ ▬▬▬▬ ▬▬▬▬▬▬▬▬ ▬▬▬▬▬▬ ▬▬▬▬▬▬▬▬▬ ▬▬▬▬▬ ▬▬▬▬▬▬▬ ▬▬▬▬▬▬▬▬ ▬▬▬▬ ▬▬▬▬▬▬▬▬▬▬ ▬▬▬▬▬▬ ▬▬▬▬▬▬▬ ▬▬▬▬▬▬▬▬ ▬▬▬▬ ▬▬▬▬▬▬▬▬▬ ▬▬▬▬▬▬ ▬▬▬▬▬▬▬ ▬▬▬▬▬▬▬▬ ▬▬▬▬▬ ▬▬▬▬▬▬▬▬▬▬ ▬▬▬▬ ▬▬▬▬▬▬▬ ▬▬▬▬▬▬▬▬ ▬▬▬▬▬ ▬▬▬▬▬▬▬▬▬ ▬▬▬▬▬ ▬▬▬▬▬▬▬▬ ▬▬▬▬▬▬ ▬▬▬▬▬▬▬▬▬ ▬▬▬▬▬ ▬▬▬▬▬▬▬ ▬▬▬▬▬▬▬▬ ▬▬▬▬ ▬▬▬▬▬▬▬▬▬▬ ▬▬▬▬▬ ▬▬▬▬▬▬▬▬ ▬▬▬▬▬▬ ▬▬▬▬▬▬▬▬▬ ▬▬▬▬ ▬▬▬▬▬▬▬ ▬▬▬▬▬▬▬▬ ▬▬▬▬▬ ▬▬▬▬▬▬▬▬▬ ▬▬▬▬▬▬ ▬▬▬▬▬▬▬ ▬▬▬▬▬ ▬▬▬▬▬▬▬▬▬▬ ▬▬▬▬ ▬▬▬▬▬▬▬▬ ▬▬▬▬▬▬ ▬▬▬▬▬▬▬▬▬ ▬▬▬▬▬ ▬▬▬▬▬▬▬ ▬▬▬▬▬▬▬▬ ▬▬▬▬ ▬▬▬▬▬▬▬▬▬▬ ▬▬▬▬▬▬ ▬▬▬▬▬▬▬ ▬▬▬▬▬▬▬▬ ▬▬▬▬ ▬▬▬▬▬▬▬▬▬ ▬▬▬▬▬▬ ▬▬▬▬▬▬▬ ▬▬▬▬▬▬▬▬ ▬▬▬▬▬ ▬▬▬▬▬▬▬▬▬▬ ▬▬▬▬ ▬▬▬▬▬▬▬ ▬▬▬▬▬▬▬▬ ▬▬▬▬▬ ▬▬▬▬▬▬▬▬▬ ▬▬▬▬▬ ▬▬▬▬▬▬▬▬ ▬▬▬▬▬▬ ▬▬▬▬▬▬▬▬▬ ▬▬▬▬▬ ▬▬▬▬▬▬▬ ▬▬▬▬▬▬▬▬ ▬▬▬▬ ▬▬▬▬▬▬▬▬▬▬ ▬▬▬▬▬ ▬▬▬▬▬▬▬▬ ▬▬▬▬▬▬ ▬▬▬▬▬▬▬▬▬ ▬▬▬▬
